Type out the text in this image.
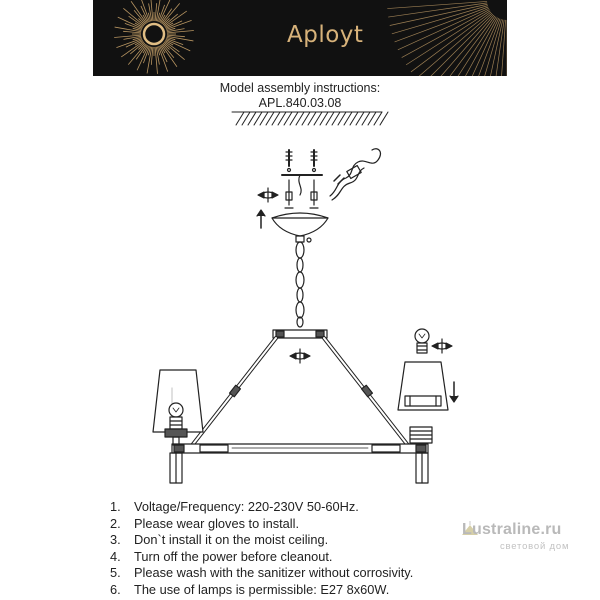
Aployt
Model assembly instructions:
APL.840.03.08
1. Voltage/Frequency: 220-230V 50-60Hz.
2. Please wear gloves to install.
3. Don`t install it on the moist ceiling.
4. Turn off the power before cleanout.
5. Please wash with the sanitizer without corrosivity.
6. The use of lamps is permissible: E27 8x60W.
Lustraline.ru
световой дом
